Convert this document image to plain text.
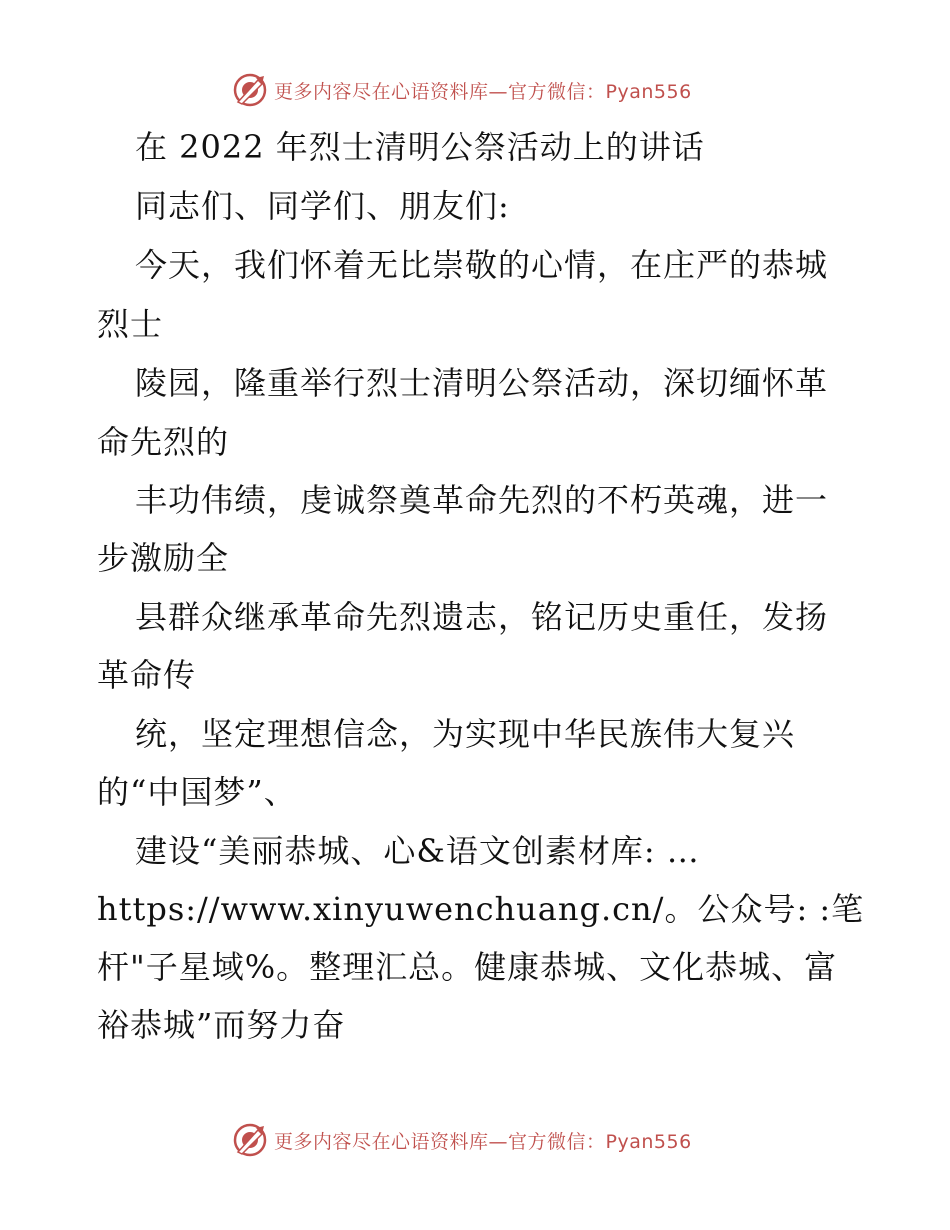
更多内容尽在心语资料库—官方微信：Pyan556
在 2022 年烈士清明公祭活动上的讲话
同志们、同学们、朋友们:
今天，我们怀着无比崇敬的心情，在庄严的恭城
烈士
陵园，隆重举行烈士清明公祭活动，深切缅怀革
命先烈的
丰功伟绩，虔诚祭奠革命先烈的不朽英魂，进一
步激励全
县群众继承革命先烈遗志，铭记历史重任，发扬
革命传
统，坚定理想信念，为实现中华民族伟大复兴
的“中国梦”、
建设“美丽恭城、心&语文创素材库: …
https://www.xinyuwenchuang.cn/。公众号: :笔
杆"子星域%。整理汇总。健康恭城、文化恭城、富
裕恭城”而努力奋
更多内容尽在心语资料库—官方微信：Pyan556
